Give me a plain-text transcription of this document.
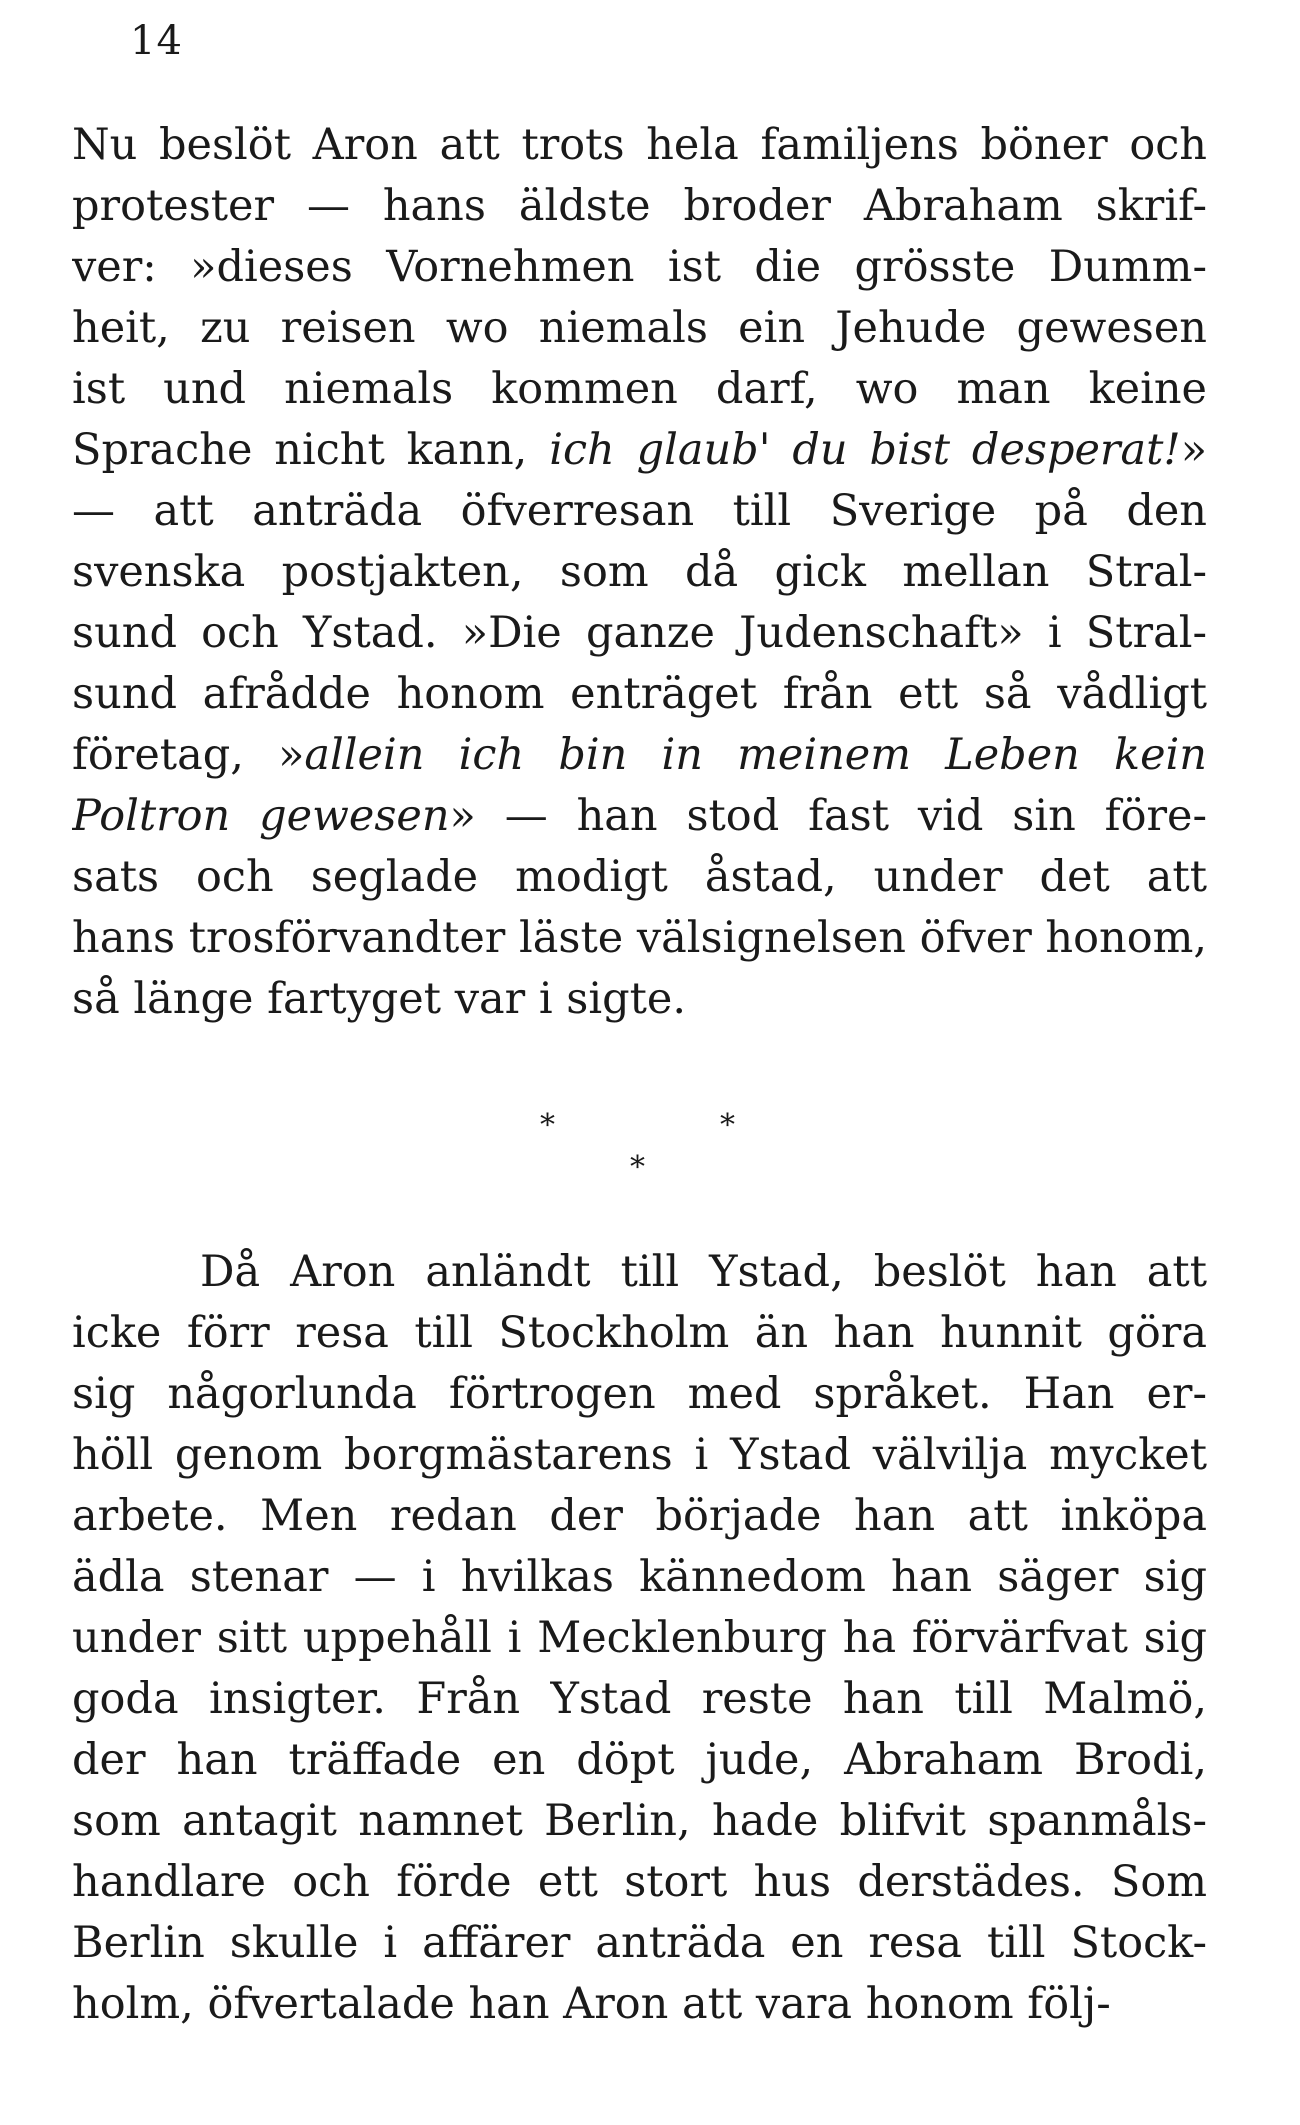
14
Nu beslöt Aron att trots hela familjens böner och
protester — hans äldste broder Abraham skrif-
ver: »dieses Vornehmen ist die grösste Dumm-
heit, zu reisen wo niemals ein Jehude gewesen
ist und niemals kommen darf, wo man keine
Sprache nicht kann, ich glaub' du bist desperat!»
— att anträda öfverresan till Sverige på den
svenska postjakten, som då gick mellan Stral-
sund och Ystad. »Die ganze Judenschaft» i Stral-
sund afrådde honom enträget från ett så vådligt
företag, »allein ich bin in meinem Leben kein
Poltron gewesen» — han stod fast vid sin före-
sats och seglade modigt åstad, under det att
hans trosförvandter läste välsignelsen öfver honom,
så länge fartyget var i sigte.
*	*
*
Då Aron anländt till Ystad, beslöt han att
icke förr resa till Stockholm än han hunnit göra
sig någorlunda förtrogen med språket. Han er-
höll genom borgmästarens i Ystad välvilja mycket
arbete. Men redan der började han att inköpa
ädla stenar — i hvilkas kännedom han säger sig
under sitt uppehåll i Mecklenburg ha förvärfvat sig
goda insigter. Från Ystad reste han till Malmö,
der han träffade en döpt jude, Abraham Brodi,
som antagit namnet Berlin, hade blifvit spanmåls-
handlare och förde ett stort hus derstädes. Som
Berlin skulle i affärer anträda en resa till Stock-
holm, öfvertalade han Aron att vara honom följ-
